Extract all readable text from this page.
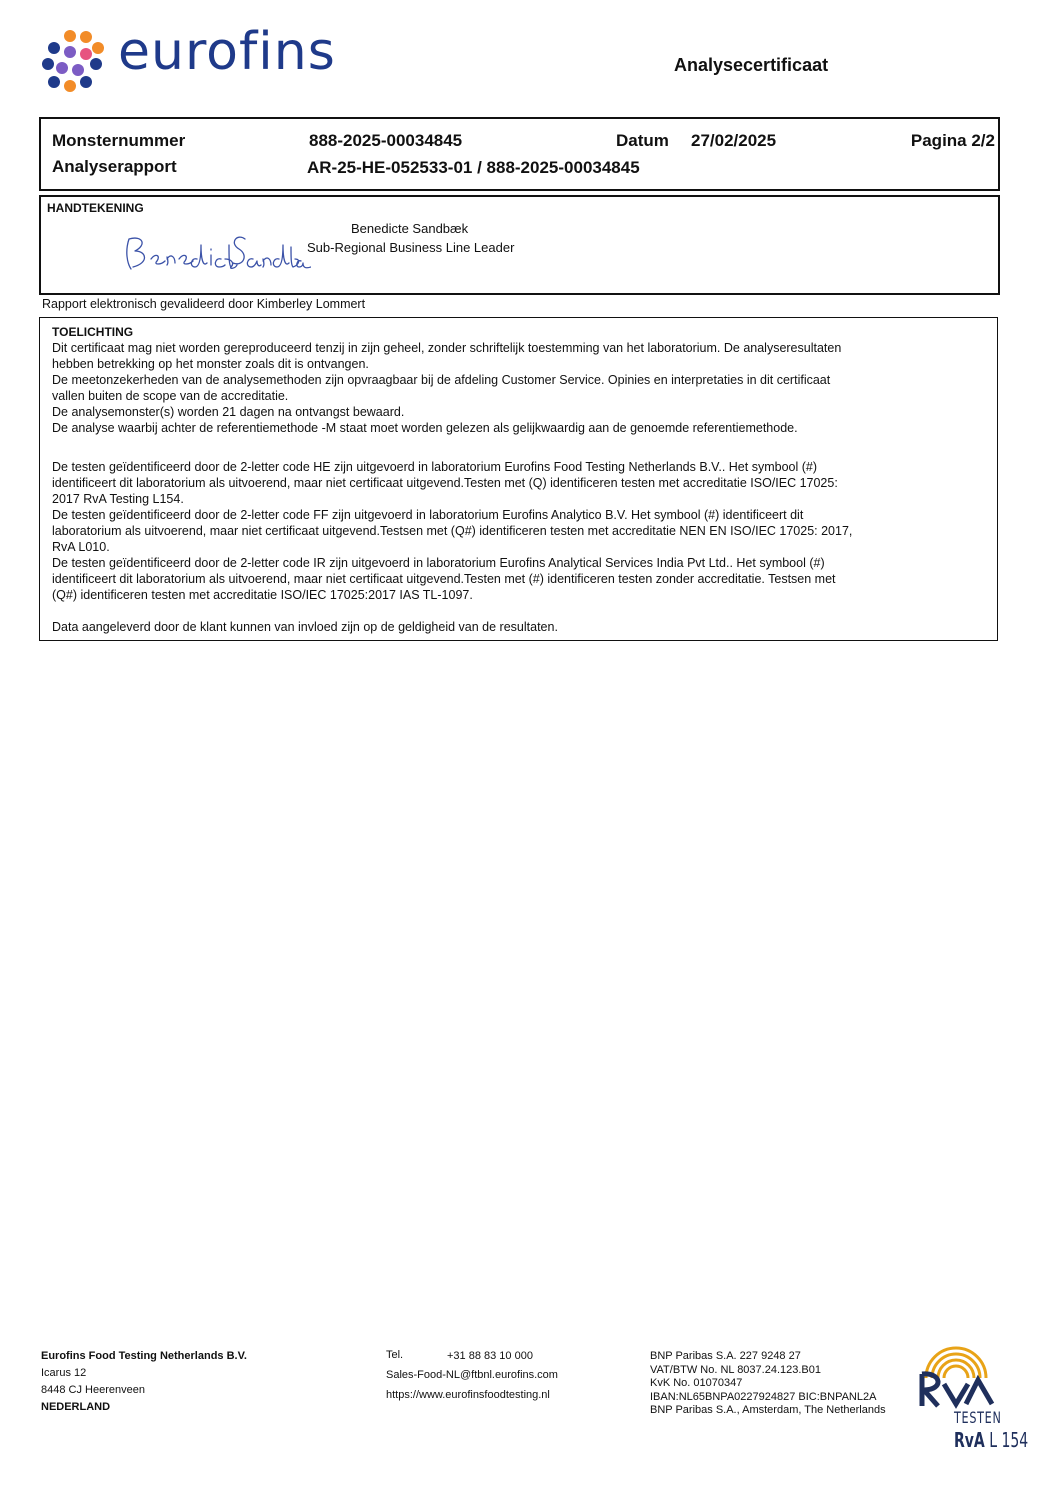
eurofins	Analysecertificaat
Monsternummer	888-2025-00034845	Datum 27/02/2025	Pagina 2/2
Analyserapport	AR-25-HE-052533-01 / 888-2025-00034845
HANDTEKENING
Benedicte Sandbæk
Sub-Regional Business Line Leader
Rapport elektronisch gevalideerd door Kimberley Lommert

TOELICHTING

Dit certificaat mag niet worden gereproduceerd tenzij in zijn geheel, zonder schriftelijk toestemming van het laboratorium. De analyseresultaten

hebben betrekking op het monster zoals dit is ontvangen.

De meetonzekerheden van de analysemethoden zijn opvraagbaar bij de afdeling Customer Service. Opinies en interpretaties in dit certificaat

vallen buiten de scope van de accreditatie.

De analysemonster(s) worden 21 dagen na ontvangst bewaard.

De analyse waarbij achter de referentiemethode -M staat moet worden gelezen als gelijkwaardig aan de genoemde referentiemethode.

De testen geïdentificeerd door de 2-letter code HE zijn uitgevoerd in laboratorium Eurofins Food Testing Netherlands B.V.. Het symbool (#)

identificeert dit laboratorium als uitvoerend, maar niet certificaat uitgevend.Testen met (Q) identificeren testen met accreditatie ISO/IEC 17025:

2017 RvA Testing L154.

De testen geïdentificeerd door de 2-letter code FF zijn uitgevoerd in laboratorium Eurofins Analytico B.V. Het symbool (#) identificeert dit

laboratorium als uitvoerend, maar niet certificaat uitgevend.Testsen met (Q#) identificeren testen met accreditatie NEN EN ISO/IEC 17025: 2017,

RvA L010.

De testen geïdentificeerd door de 2-letter code IR zijn uitgevoerd in laboratorium Eurofins Analytical Services India Pvt Ltd.. Het symbool (#)

identificeert dit laboratorium als uitvoerend, maar niet certificaat uitgevend.Testen met (#) identificeren testen zonder accreditatie. Testsen met

(Q#) identificeren testen met accreditatie ISO/IEC 17025:2017 IAS TL-1097.

Data aangeleverd door de klant kunnen van invloed zijn op de geldigheid van de resultaten.

Eurofins Food Testing Netherlands B.V.
Icarus 12
8448 CJ Heerenveen
NEDERLAND
Tel.	+31 88 83 10 000
Sales-Food-NL@ftbnl.eurofins.com
https://www.eurofinsfoodtesting.nl
BNP Paribas S.A. 227 9248 27
VAT/BTW No. NL 8037.24.123.B01
KvK No. 01070347
IBAN:NL65BNPA0227924827 BIC:BNPANL2A
BNP Paribas S.A., Amsterdam, The Netherlands	TESTEN
RvA L 154
